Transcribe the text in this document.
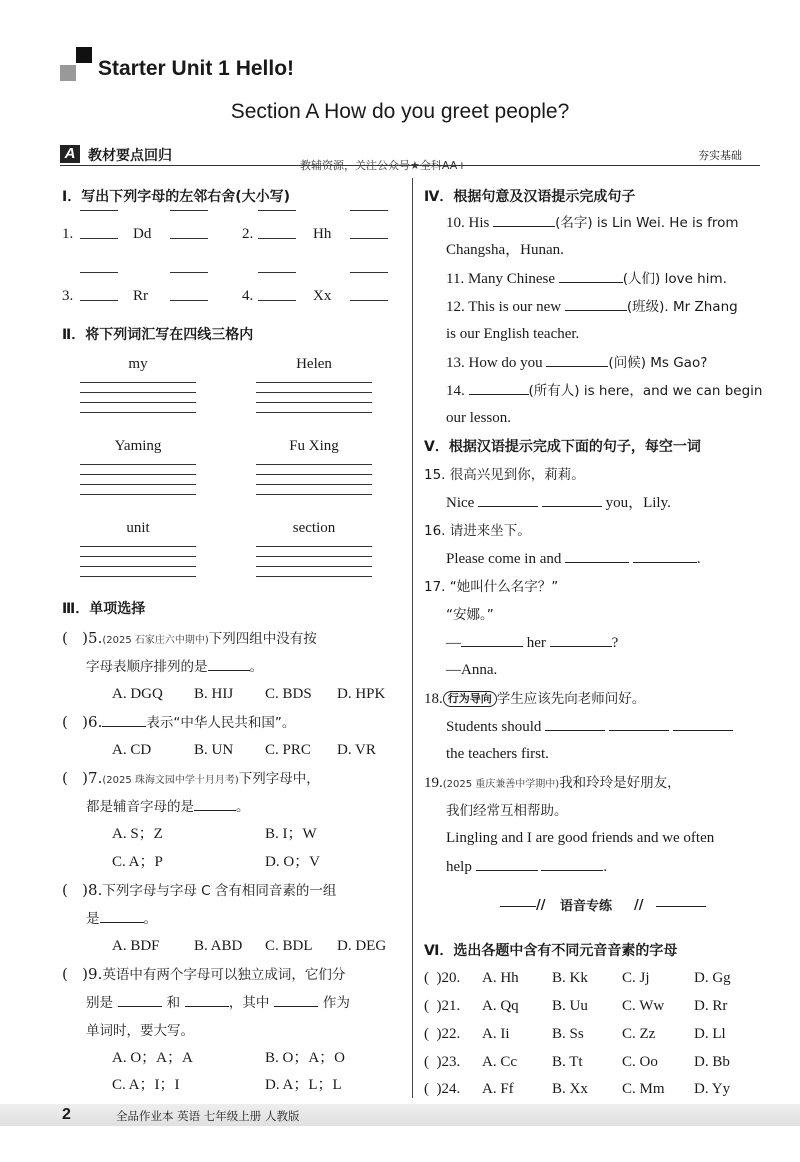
Starter Unit 1 Hello!
Section A How do you greet people?
A 教材要点回归
教辅资源，关注公众号★全科AA+
夯实基础
Ⅰ．写出下列字母的左邻右舍(大小写)
1.	Dd	2.	Hh
3.	Rr	4.	Xx
Ⅱ．将下列词汇写在四线三格内
my	Helen
Yaming	Fu Xing
unit	section
Ⅲ．单项选择
( )5.(2025 石家庄六中期中)下列四组中没有按
字母表顺序排列的是	。
A. DGQ B. HIJ C. BDS D. HPK
( )6.	表示“中华人民共和国”。
A. CD	B. UN C. PRC D. VR
( )7.(2025 珠海文园中学十月月考)下列字母中，
都是辅音字母的是	。
A. S；Z	B. I；W
C. A；P	D. O；V
( )8.下列字母与字母 C 含有相同音素的一组
是	。
A. BDF B. ABD C. BDL D. DEG
( )9.英语中有两个字母可以独立成词，它们分
别是	和	，其中	作为
单词时，要大写。
A. O；A；A	B. O；A；O
C. A；I；I	D. A；L；L
Ⅳ．根据句意及汉语提示完成句子
10. His	(名字) is Lin Wei. He is from
Changsha，Hunan.
11. Many Chinese	(人们) love him.
12. This is our new	(班级). Mr Zhang
is our English teacher.
13. How do you	(问候) Ms Gao?
14.	(所有人) is here，and we can begin
our lesson.
Ⅴ．根据汉语提示完成下面的句子，每空一词
15. 很高兴见到你，莉莉。
Nice	you，Lily.
16. 请进来坐下。
Please come in and	.
17. “她叫什么名字？”
“安娜。”
—	her	?
—Anna.
18. 行为导向 学生应该先向老师问好。
Students should
the teachers first.
19.(2025 重庆兼善中学期中)我和玲玲是好朋友，
我们经常互相帮助。
Lingling and I are good friends and we often
help	.
// 语音专练 //
Ⅵ．选出各题中含有不同元音音素的字母
( )20. A. Hh B. Kk C. Jj	D. Gg
( )21. A. Qq B. Uu C. Ww D. Rr
( )22. A. Ii	B. Ss	C. Zz	D. Ll
( )23. A. Cc B. Tt	C. Oo D. Bb
( )24. A. Ff	B. Xx C. Mm D. Yy
2	全品作业本 英语 七年级上册 人教版
